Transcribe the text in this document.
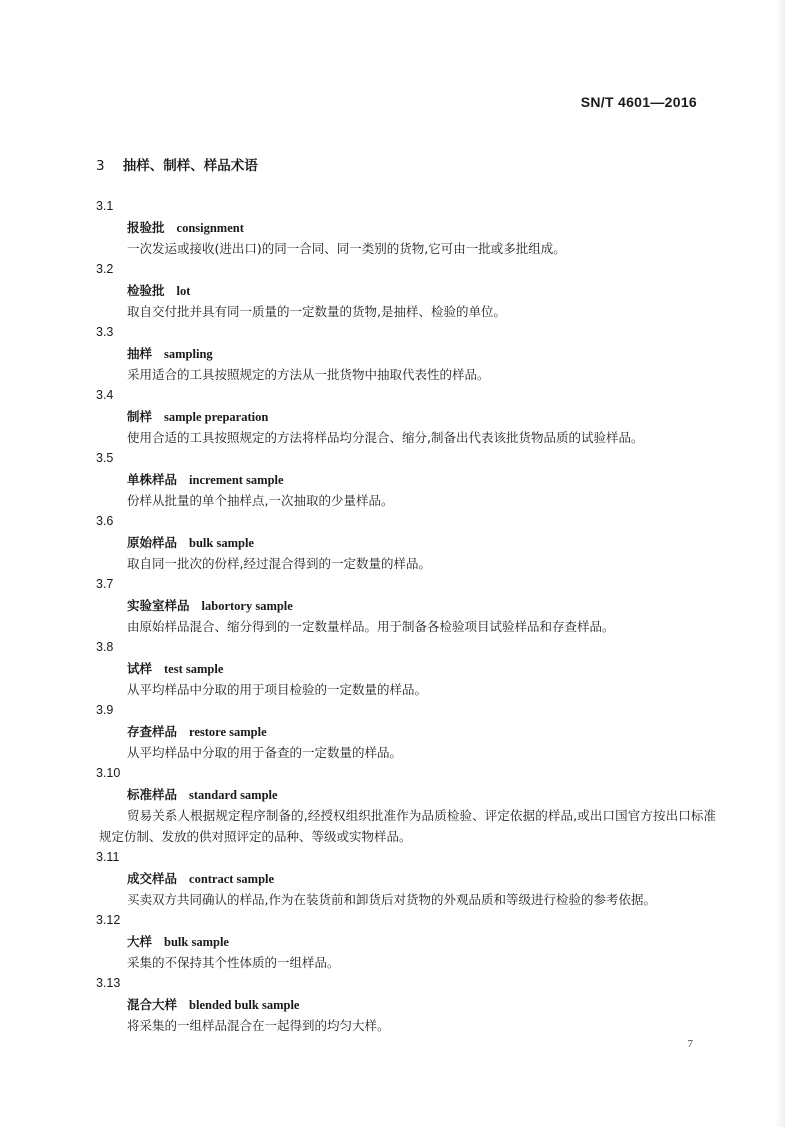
SN/T 4601—2016
3 抽样、制样、样品术语
3.1
报验批 consignment
一次发运或接收(进出口)的同一合同、同一类别的货物,它可由一批或多批组成。
3.2
检验批 lot
取自交付批并具有同一质量的一定数量的货物,是抽样、检验的单位。
3.3
抽样 sampling
采用适合的工具按照规定的方法从一批货物中抽取代表性的样品。
3.4
制样 sample preparation
使用合适的工具按照规定的方法将样品均分混合、缩分,制备出代表该批货物品质的试验样品。
3.5
单株样品 increment sample
份样从批量的单个抽样点,一次抽取的少量样品。
3.6
原始样品 bulk sample
取自同一批次的份样,经过混合得到的一定数量的样品。
3.7
实验室样品 labortory sample
由原始样品混合、缩分得到的一定数量样品。用于制备各检验项目试验样品和存查样品。
3.8
试样 test sample
从平均样品中分取的用于项目检验的一定数量的样品。
3.9
存查样品 restore sample
从平均样品中分取的用于备查的一定数量的样品。
3.10
标准样品 standard sample
贸易关系人根据规定程序制备的,经授权组织批准作为品质检验、评定依据的样品,或出口国官方按出口标准规定仿制、发放的供对照评定的品种、等级或实物样品。
3.11
成交样品 contract sample
买卖双方共同确认的样品,作为在装货前和卸货后对货物的外观品质和等级进行检验的参考依据。
3.12
大样 bulk sample
采集的不保持其个性体质的一组样品。
3.13
混合大样 blended bulk sample
将采集的一组样品混合在一起得到的均匀大样。
7
